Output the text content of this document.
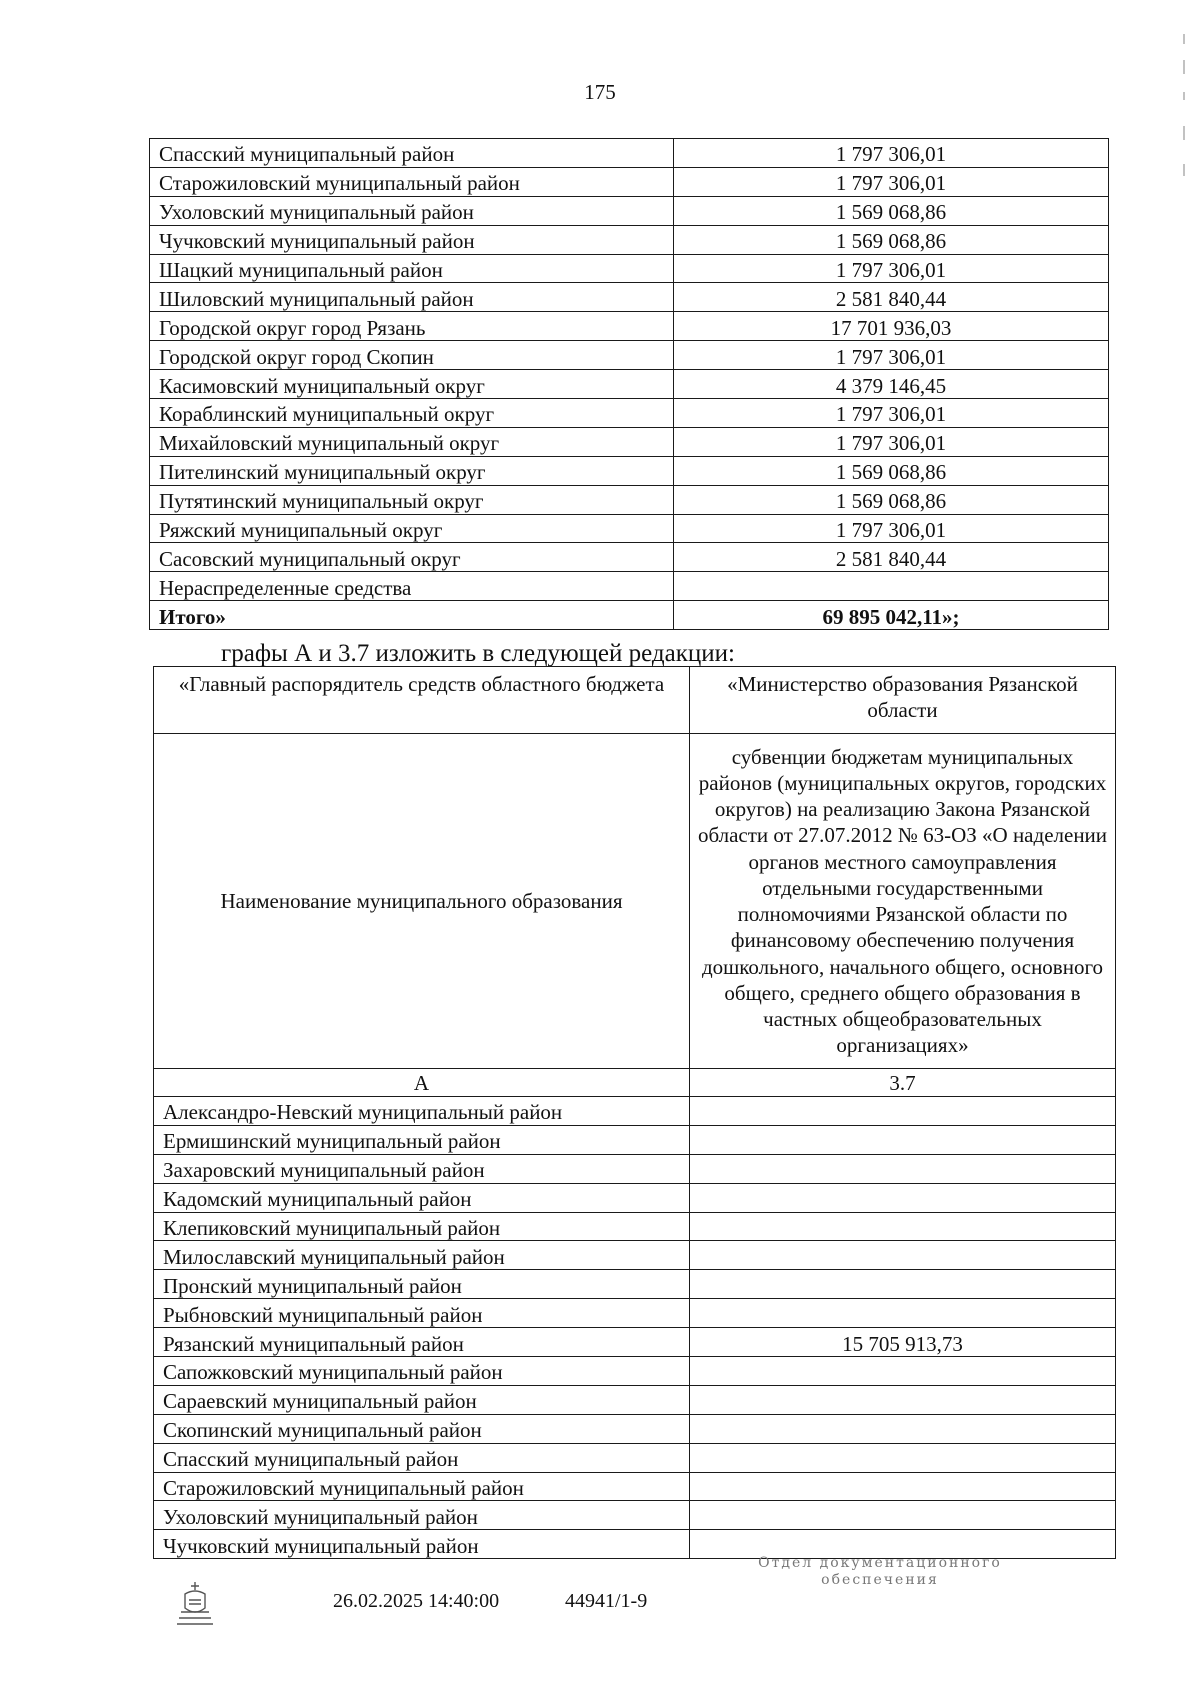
175
Спасский муниципальный район	1 797 306,01
Старожиловский муниципальный район	1 797 306,01
Ухоловский муниципальный район	1 569 068,86
Чучковский муниципальный район	1 569 068,86
Шацкий муниципальный район	1 797 306,01
Шиловский муниципальный район	2 581 840,44
Городской округ город Рязань	17 701 936,03
Городской округ город Скопин	1 797 306,01
Касимовский муниципальный округ	4 379 146,45
Кораблинский муниципальный округ	1 797 306,01
Михайловский муниципальный округ	1 797 306,01
Пителинский муниципальный округ	1 569 068,86
Путятинский муниципальный округ	1 569 068,86
Ряжский муниципальный округ	1 797 306,01
Сасовский муниципальный округ	2 581 840,44
Нераспределенные средства	
Итого»	69 895 042,11»;
графы А и 3.7 изложить в следующей редакции:
«Главный распорядитель средств областного бюджета	«Министерство образования Рязанской области
Наименование муниципального образования	субвенции бюджетам муниципальных районов (муниципальных округов, городских округов) на реализацию Закона Рязанской области от 27.07.2012 № 63-ОЗ «О наделении органов местного самоуправления отдельными государственными полномочиями Рязанской области по финансовому обеспечению получения дошкольного, начального общего, основного общего, среднего общего образования в частных общеобразовательных организациях»
А	3.7
Александро-Невский муниципальный район	
Ермишинский муниципальный район	
Захаровский муниципальный район	
Кадомский муниципальный район	
Клепиковский муниципальный район	
Милославский муниципальный район	
Пронский муниципальный район	
Рыбновский муниципальный район	
Рязанский муниципальный район	15 705 913,73
Сапожковский муниципальный район	
Сараевский муниципальный район	
Скопинский муниципальный район	
Спасский муниципальный район	
Старожиловский муниципальный район	
Ухоловский муниципальный район	
Чучковский муниципальный район	
26.02.2025 14:40:00	44941/1-9
Отдел документационного обеспечения
